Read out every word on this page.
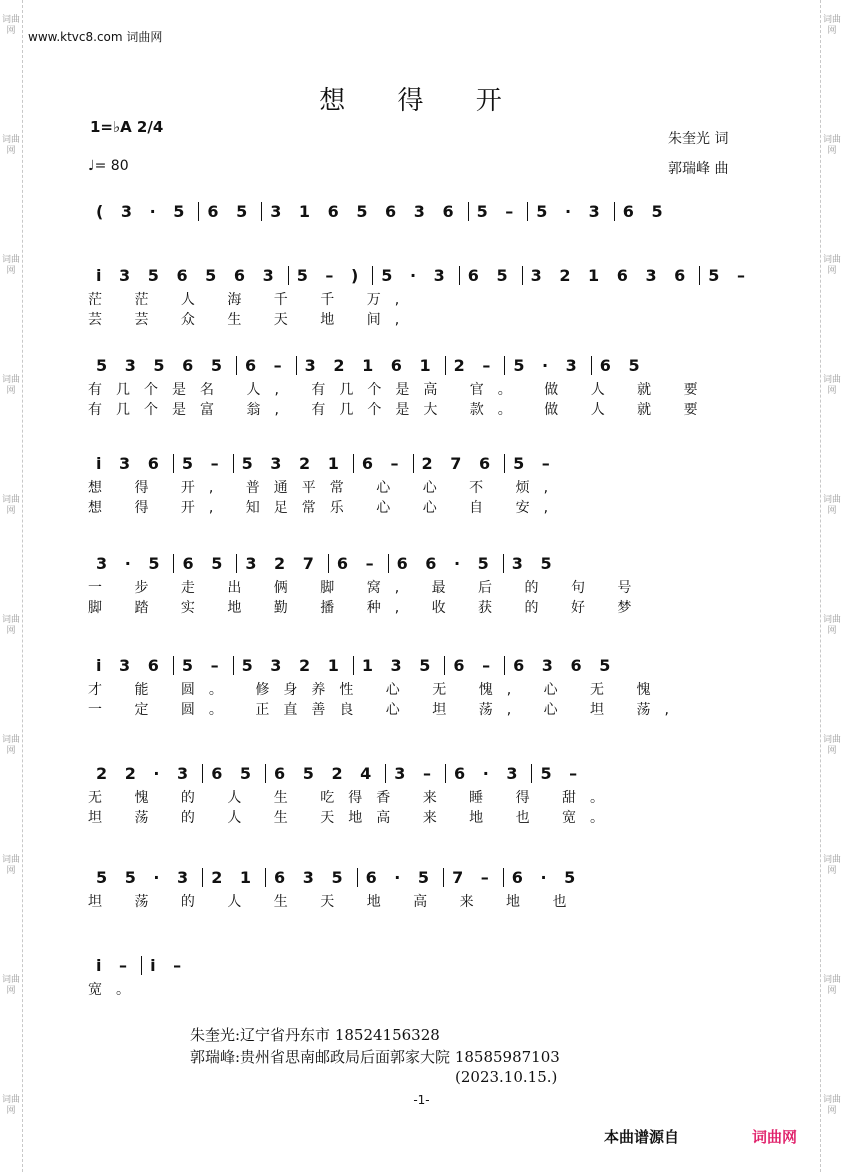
词曲网
词曲网
词曲网
词曲网
词曲网
词曲网
词曲网
词曲网
词曲网
词曲网
词曲网
词曲网
词曲网
词曲网
词曲网
词曲网
词曲网
词曲网
词曲网
词曲网
www.ktvc8.com 词曲网
想 得 开
1=♭A 2/4
♩= 80
朱奎光 词
郭瑞峰 曲
( 3 · 5	6 5	3 1 6 5 6 3 6	5 –	5 · 3	6 5
i 3 5 6 5 6 3	5 – )	5 · 3	6 5	3 2 1 6 3 6	5 –
茫 茫 人 海 千 千 万,
芸 芸 众 生 天 地 间,
5 3 5 6 5	6 –	3 2 1 6 1	2 –	5 · 3	6 5
有几个是名 人, 有几个是高 官。 做 人 就 要
有几个是富 翁, 有几个是大 款。 做 人 就 要
i 3 6	5 –	5 3 2 1	6 –	2 7 6	5 –
想 得 开, 普通平常 心 心 不 烦,
想 得 开, 知足常乐 心 心 自 安,
3 · 5	6 5	3 2 7	6 –	6 6 · 5	3 5
一 步 走 出 俩 脚 窝, 最 后 的 句 号
脚 踏 实 地 勤 播 种, 收 获 的 好 梦
i 3 6	5 –	5 3 2 1	1 3 5	6 –	6 3 6 5
才 能 圆。 修身养性 心 无 愧, 心 无 愧
一 定 圆。 正直善良 心 坦 荡, 心 坦 荡,
2 2 · 3	6 5	6 5 2 4	3 –	6 · 3	5 –
无 愧 的 人 生 吃得香 来 睡 得 甜。
坦 荡 的 人 生 天地高 来 地 也 宽。
5 5 · 3	2 1	6 3 5	6 · 5	7 –	6 · 5
坦 荡 的 人 生 天 地 高 来 地 也
i –	i –
宽。
朱奎光:辽宁省丹东市 18524156328
郭瑞峰:贵州省思南邮政局后面郭家大院 18585987103
(2023.10.15.)
-1-
本曲谱源自	词曲网
